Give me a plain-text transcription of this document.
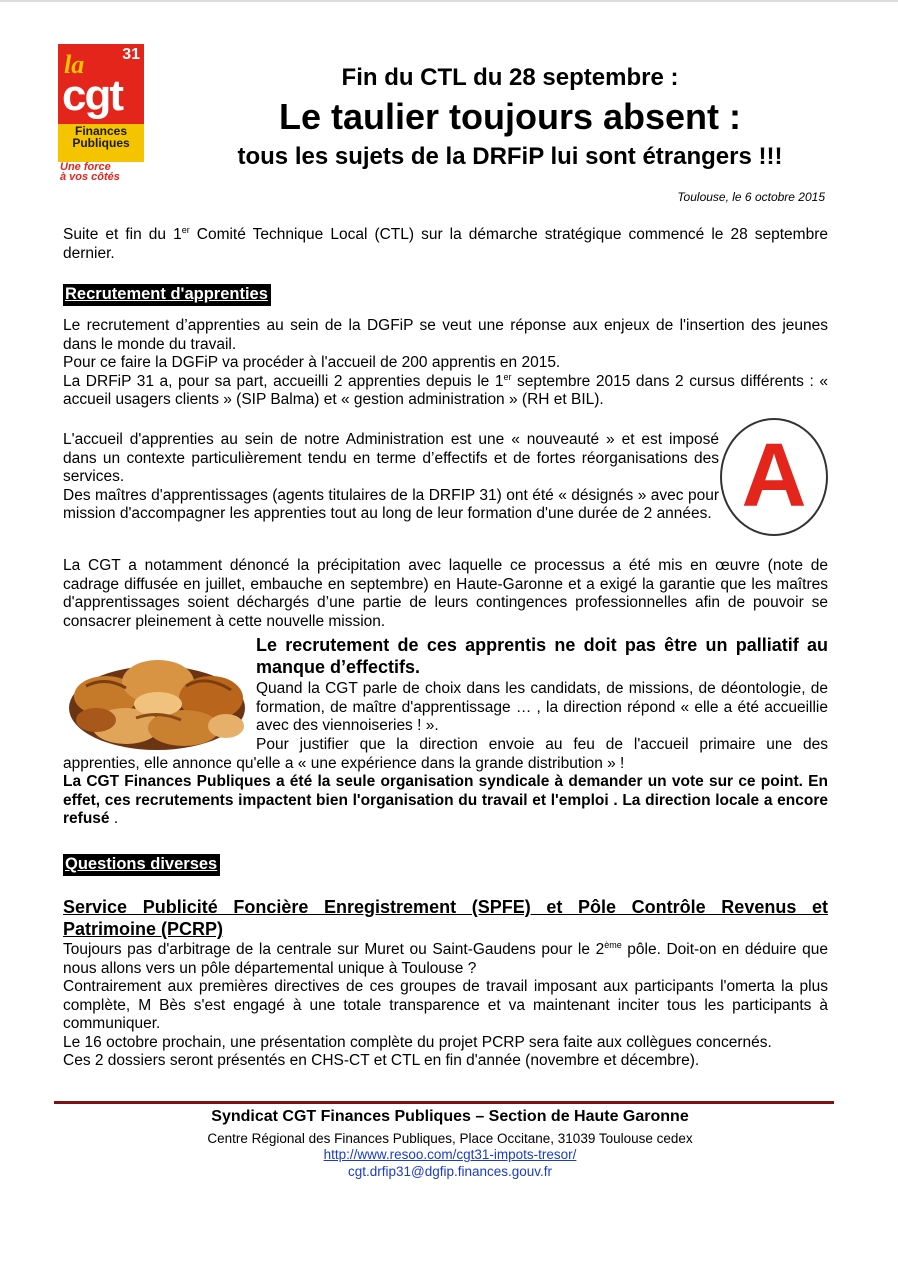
31
la
cgt
Finances
Publiques
Une force
à vos côtés
Fin du CTL du 28 septembre :
Le taulier toujours absent :
tous les sujets de la DRFiP lui sont étrangers !!!
Toulouse, le 6 octobre 2015

Suite et fin du 1er Comité Technique Local (CTL) sur la démarche stratégique commencé le 28 septembre dernier.

Recrutement d'apprenties

Le recrutement d’apprenties au sein de la DGFiP se veut une réponse aux enjeux de l'insertion des jeunes dans le monde du travail.

Pour ce faire la DGFiP va procéder à l'accueil de 200 apprentis en 2015.

La DRFiP 31 a, pour sa part, accueilli 2 apprenties depuis le 1er septembre 2015 dans 2 cursus différents : « accueil usagers clients » (SIP Balma) et « gestion administration » (RH et BIL).

L'accueil d'apprenties au sein de notre Administration est une « nouveauté » et est imposé dans un contexte particulièrement tendu en terme d’effectifs et de fortes réorganisations des services.

Des maîtres d'apprentissages (agents titulaires de la DRFIP 31) ont été « désignés » avec pour mission d'accompagner les apprenties tout au long de leur formation d'une durée de 2 années. A
La CGT a notamment dénoncé la précipitation avec laquelle ce processus a été mis en œuvre (note de cadrage diffusée en juillet, embauche en septembre) en Haute-Garonne et a exigé la garantie que les maîtres d'apprentissages soient déchargés d’une partie de leurs contingences professionnelles afin de pouvoir se consacrer pleinement à cette nouvelle mission.
Le recrutement de ces apprentis ne doit pas être un palliatif au manque d’effectifs.

Quand la CGT parle de choix dans les candidats, de missions, de déontologie, de formation, de maître d'apprentissage … , la direction répond « elle a été accueillie avec des viennoiseries ! ».

Pour justifier que la direction envoie au feu de l'accueil primaire une des apprenties, elle annonce qu'elle a « une expérience dans la grande distribution » !

La CGT Finances Publiques a été la seule organisation syndicale à demander un vote sur ce point. En effet, ces recrutements impactent bien l'organisation du travail et l'emploi . La direction locale a encore refusé .

Questions diverses
Service Publicité Foncière Enregistrement (SPFE) et Pôle Contrôle Revenus et Patrimoine (PCRP)

Toujours pas d'arbitrage de la centrale sur Muret ou Saint-Gaudens pour le 2ème pôle. Doit-on en déduire que nous allons vers un pôle départemental unique à Toulouse ?

Contrairement aux premières directives de ces groupes de travail imposant aux participants l'omerta la plus complète, M Bès s'est engagé à une totale transparence et va maintenant inciter tous les participants à communiquer.

Le 16 octobre prochain, une présentation complète du projet PCRP sera faite aux collègues concernés.

Ces 2 dossiers seront présentés en CHS-CT et CTL en fin d'année (novembre et décembre).

Syndicat CGT Finances Publiques – Section de Haute Garonne
Centre Régional des Finances Publiques, Place Occitane, 31039 Toulouse cedex
http://www.resoo.com/cgt31-impots-tresor/
cgt.drfip31@dgfip.finances.gouv.fr
